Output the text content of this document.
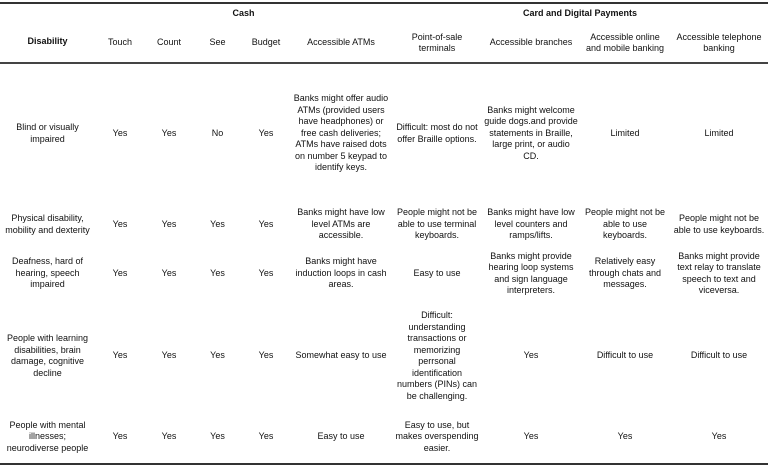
Disability	Cash					Card and Digital Payments			
	Touch	Count	See	Budget	Accessible ATMs	Point-of-sale terminals	Accessible branches	Accessible online and mobile banking	Accessible telephone banking
Blind or visually impaired	Yes	Yes	No	Yes	Banks might offer audio ATMs (provided users have headphones) or free cash deliveries; ATMs have raised dots on number 5 keypad to identify keys.	Difficult: most do not offer Braille options.	Banks might welcome guide dogs.and provide statements in Braille, large print, or audio CD.	Limited	Limited
Physical disability, mobility and dexterity	Yes	Yes	Yes	Yes	Banks might have low level ATMs are accessible.	People might not be able to use terminal keyboards.	Banks might have low level counters and ramps/lifts.	People might not be able to use keyboards.	People might not be able to use keyboards.
Deafness, hard of hearing, speech impaired	Yes	Yes	Yes	Yes	Banks might have induction loops in cash areas.	Easy to use	Banks might provide hearing loop systems and sign language interpreters.	Relatively easy through chats and messages.	Banks might provide text relay to translate speech to text and viceversa.
People with learning disabilities, brain damage, cognitive decline	Yes	Yes	Yes	Yes	Somewhat easy to use	Difficult: understanding transactions or memorizing perrsonal identification numbers (PINs) can be challenging.	Yes	Difficult to use	Difficult to use
People with mental illnesses; neurodiverse people	Yes	Yes	Yes	Yes	Easy to use	Easy to use, but makes overspending easier.	Yes	Yes	Yes
